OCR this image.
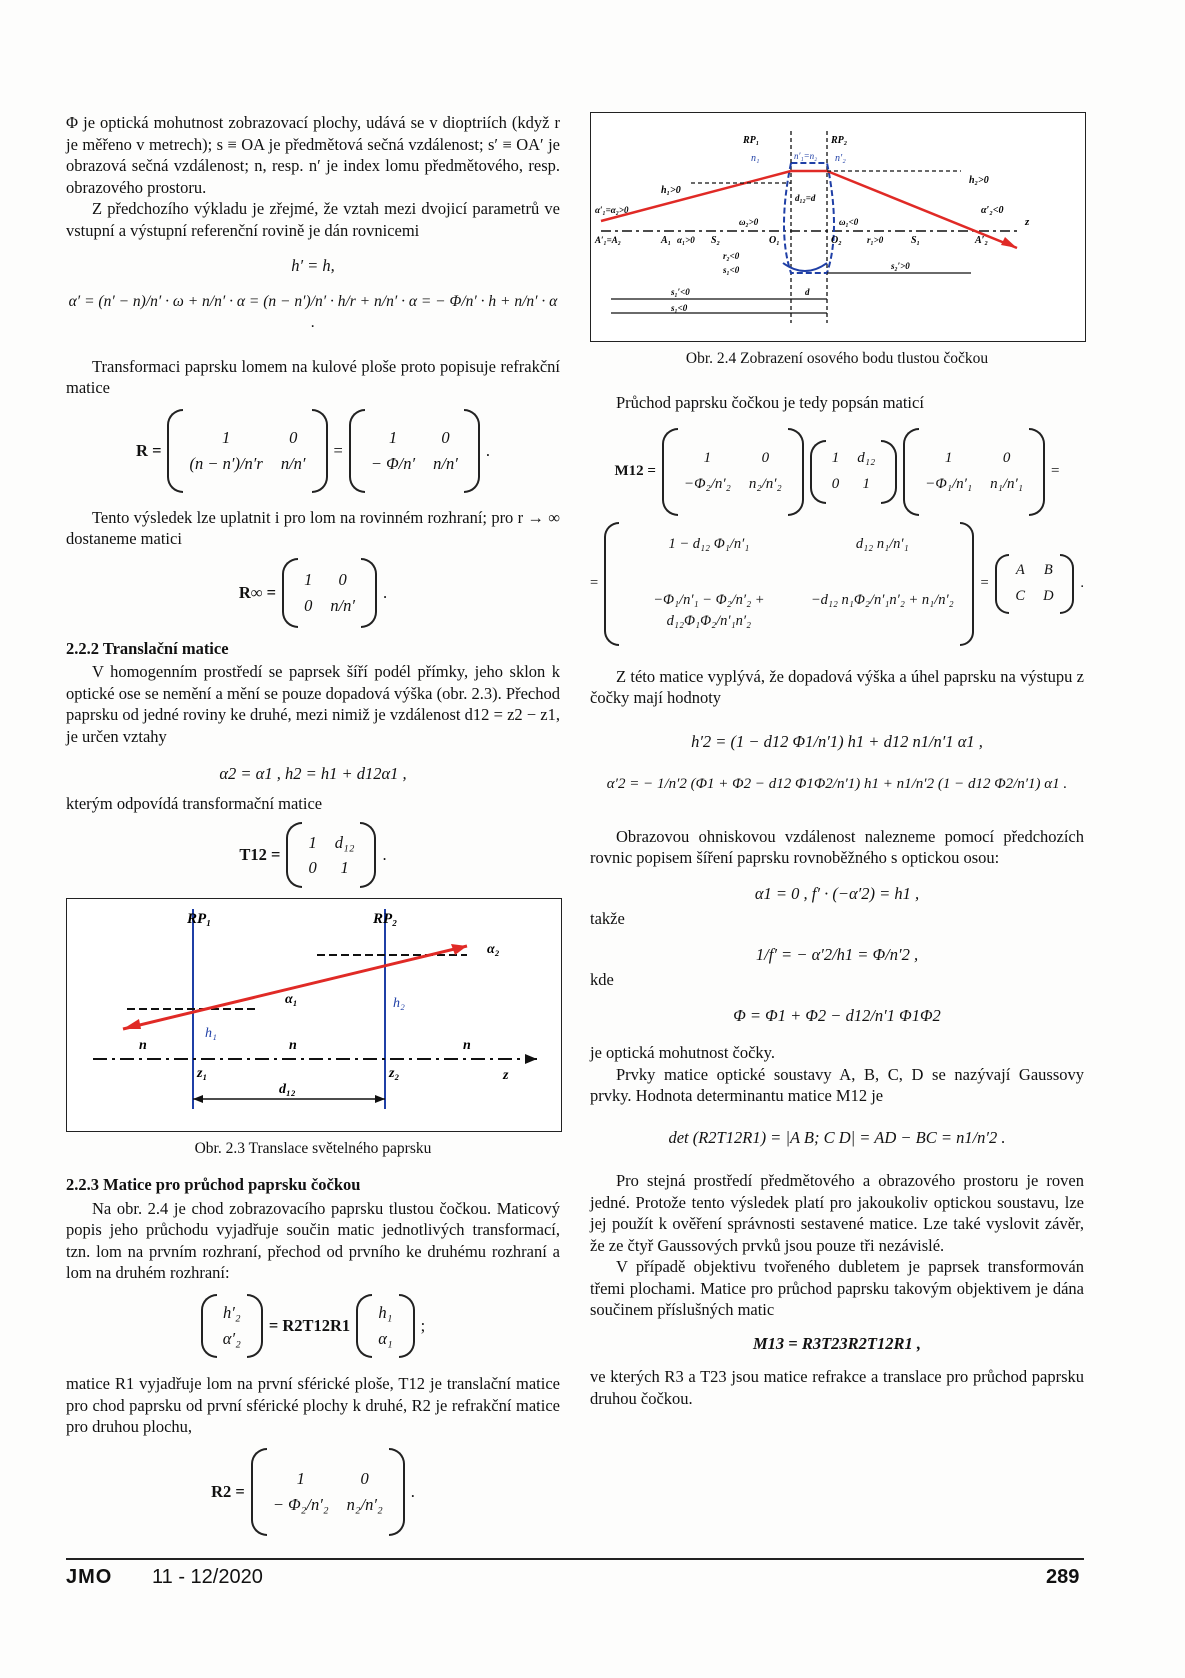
Φ je optická mohutnost zobrazovací plochy, udává se v dioptriích (když r je měřeno v metrech); s ≡ OA je předmětová sečná vzdálenost; s′ ≡ OA′ je obrazová sečná vzdálenost; n, resp. n′ je index lomu předmětového, resp. obrazového prostoru.

Z předchozího výkladu je zřejmé, že vztah mezi dvojicí parametrů ve vstupní a výstupní referenční rovině je dán rovnicemi

h′ = h,
α′ = (n′ − n)/n′ · ω + n/n′ · α = (n − n′)/n′ · h/r + n/n′ · α = − Φ/n′ · h + n/n′ · α .

Transformaci paprsku lomem na kulové ploše proto popisuje refrakční matice

R =
1	0
(n − n′)/n′r n/n′
=
1	0
− Φ/n′ n/n′
.

Tento výsledek lze uplatnit i pro lom na rovinném rozhraní; pro r → ∞ dostaneme matici

R∞ =
1	0
0 n/n′
.
2.2.2 Translační matice

V homogenním prostředí se paprsek šíří podél přímky, jeho sklon k optické ose se nemění a mění se pouze dopadová výška (obr. 2.3). Přechod paprsku od jedné roviny ke druhé, mezi nimiž je vzdálenost d12 = z2 − z1, je určen vztahy

α2 = α1 , h2 = h1 + d12α1 ,

kterým odpovídá transformační matice

T12 =
1 d₁₂
0	1
.
RP₁	RP₂
α₁
α₂
h₁
h₂
n	n	n
z₁	z₂	z
d₁₂
Obr. 2.3 Translace světelného paprsku
2.2.3 Matice pro průchod paprsku čočkou

Na obr. 2.4 je chod zobrazovacího paprsku tlustou čočkou. Maticový popis jeho průchodu vyjadřuje součin matic jednotlivých transformací, tzn. lom na prvním rozhraní, přechod od prvního ke druhému rozhraní a lom na druhém rozhraní:

h′₂
α′₂
= R2T12R1
h₁
α₁
;

matice R1 vyjadřuje lom na první sférické ploše, T12 je translační matice pro chod paprsku od první sférické plochy k druhé, R2 je refrakční matice pro druhou plochu,

R2 =
1	0
− Φ₂/n′₂ n₂/n′₂
.
RP₁	RP₂
n₁	n′₂
n′₁=n₂
h₁>0
h₂>0
α′₁=α₂>0	α′₂<0
d₁₂=d
A′₁=A₂	A₁ α₁>0 S₂	O₁
ω₂>0	ω₁<0
O₂	r₁>0	S₁	A′₂
r₂<0
s₁<0	s₂′>0
s₁′<0	d
s₁<0
z
Obr. 2.4 Zobrazení osového bodu tlustou čočkou

Průchod paprsku čočkou je tedy popsán maticí

M12 =
1	0
−Φ₂/n′₂ n₂/n′₂
1 d₁₂
0	1
1	0
−Φ₁/n′₁ n₁/n′₁
=
=
1 − d₁₂ Φ₁/n′₁	d₁₂ n₁/n′₁
−Φ₁/n′₁ − Φ₂/n′₂ + d₁₂Φ₁Φ₂/n′₁n′₂
−d₁₂ n₁Φ₂/n′₁n′₂ + n₁/n′₂
=
A B
C D
.

Z této matice vyplývá, že dopadová výška a úhel paprsku na výstupu z čočky mají hodnoty

h′2 = (1 − d12 Φ1/n′1) h1 + d12 n1/n′1 α1 ,
α′2 = − 1/n′2 (Φ1 + Φ2 − d12 Φ1Φ2/n′1) h1 + n1/n′2 (1 − d12 Φ2/n′1) α1 .

Obrazovou ohniskovou vzdálenost nalezneme pomocí předchozích rovnic popisem šíření paprsku rovnoběžného s optickou osou:

α1 = 0 , f′ · (−α′2) = h1 ,

takže

1/f′ = − α′2/h1 = Φ/n′2 ,

kde

Φ = Φ1 + Φ2 − d12/n′1 Φ1Φ2

je optická mohutnost čočky.

Prvky matice optické soustavy A, B, C, D se nazývají Gaussovy prvky. Hodnota determinantu matice M12 je

det (R2T12R1) = |A B; C D| = AD − BC = n1/n′2 .

Pro stejná prostředí předmětového a obrazového prostoru je roven jedné. Protože tento výsledek platí pro jakoukoliv optickou soustavu, lze jej použít k ověření správnosti sestavené matice. Lze také vyslovit závěr, že ze čtyř Gaussových prvků jsou pouze tři nezávislé.

V případě objektivu tvořeného dubletem je paprsek transformován třemi plochami. Matice pro průchod paprsku takovým objektivem je dána součinem příslušných matic

M13 = R3T23R2T12R1 ,

ve kterých R3 a T23 jsou matice refrakce a translace pro průchod paprsku druhou čočkou.

JMO 11 - 12/2020	289
